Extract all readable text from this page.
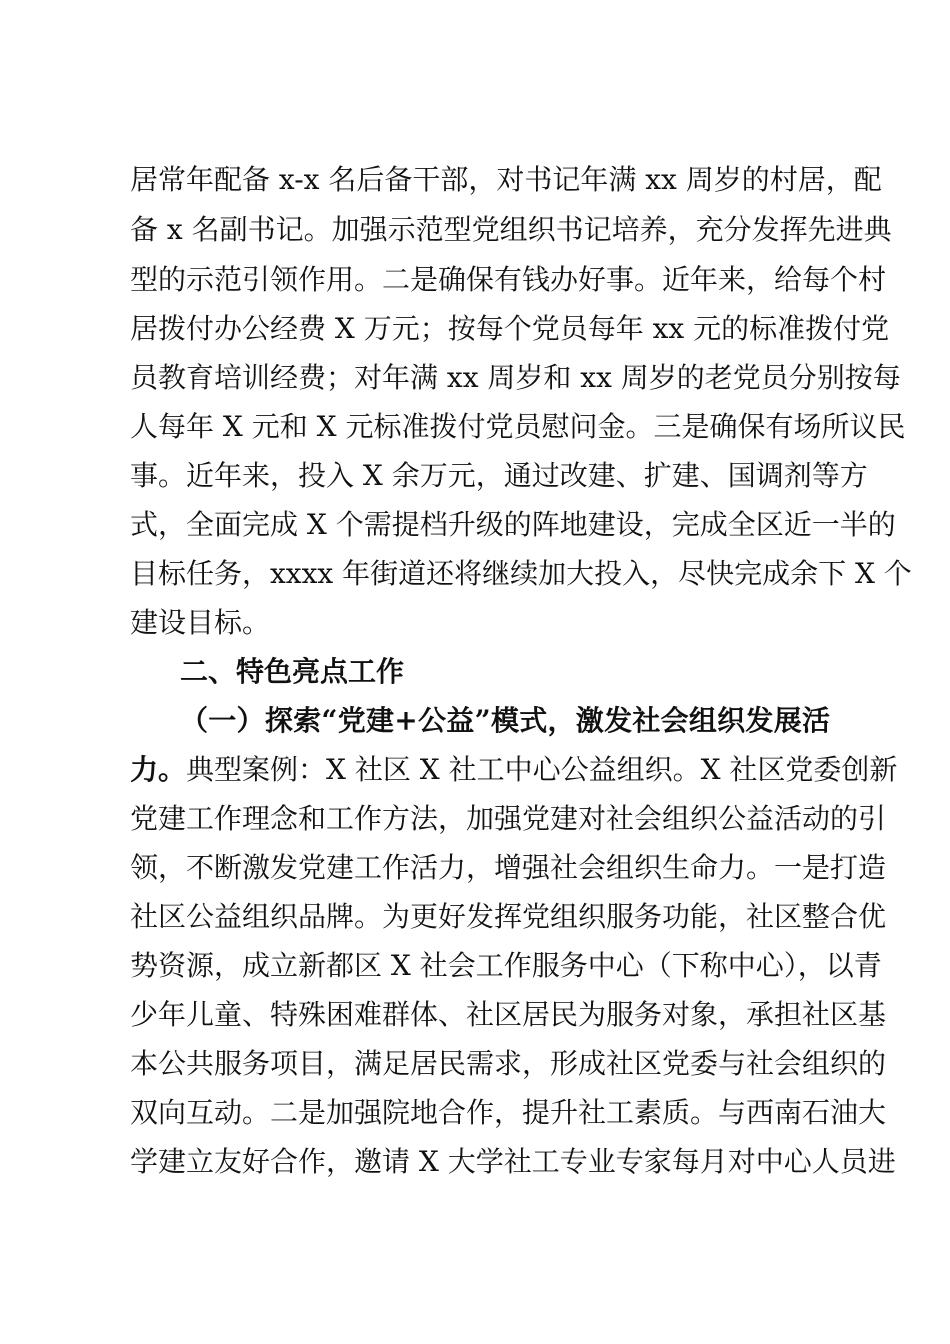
居常年配备 x-x 名后备干部，对书记年满 xx 周岁的村居，配

备 x 名副书记。加强示范型党组织书记培养，充分发挥先进典

型的示范引领作用。二是确保有钱办好事。近年来，给每个村

居拨付办公经费 X 万元；按每个党员每年 xx 元的标准拨付党

员教育培训经费；对年满 xx 周岁和 xx 周岁的老党员分别按每

人每年 X 元和 X 元标准拨付党员慰问金。三是确保有场所议民

事。近年来，投入 X 余万元，通过改建、扩建、国调剂等方

式，全面完成 X 个需提档升级的阵地建设，完成全区近一半的

目标任务，xxxx 年街道还将继续加大投入，尽快完成余下 X 个

建设目标。

二、特色亮点工作

（一）探索“党建+公益”模式，激发社会组织发展活

力。典型案例：X 社区 X 社工中心公益组织。X 社区党委创新

党建工作理念和工作方法，加强党建对社会组织公益活动的引

领，不断激发党建工作活力，增强社会组织生命力。一是打造

社区公益组织品牌。为更好发挥党组织服务功能，社区整合优

势资源，成立新都区 X 社会工作服务中心（下称中心），以青

少年儿童、特殊困难群体、社区居民为服务对象，承担社区基

本公共服务项目，满足居民需求，形成社区党委与社会组织的

双向互动。二是加强院地合作，提升社工素质。与西南石油大

学建立友好合作，邀请 X 大学社工专业专家每月对中心人员进
